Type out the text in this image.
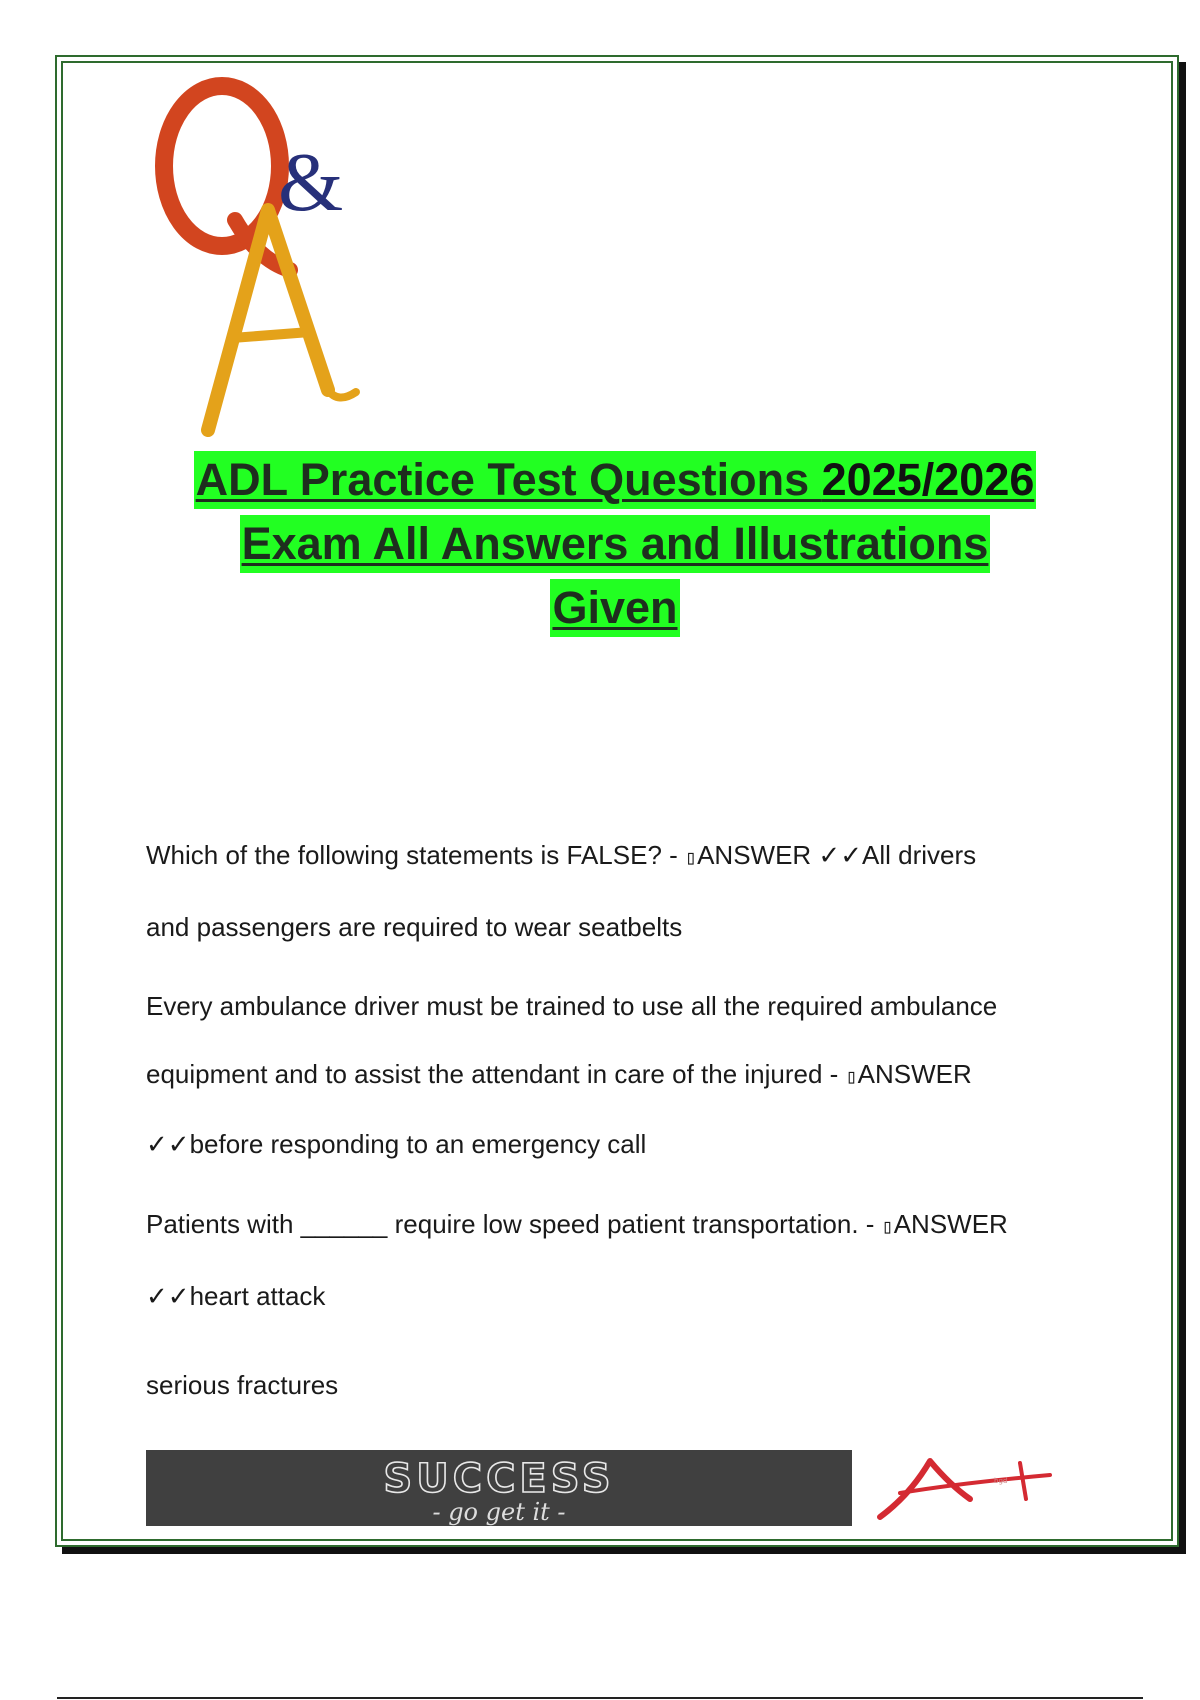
&
ADL Practice Test Questions 2025/2026
Exam All Answers and Illustrations
Given

Which of the following statements is FALSE? - ▯ANSWER ✓✓All drivers
and passengers are required to wear seatbelts

Every ambulance driver must be trained to use all the required ambulance
equipment and to assist the attendant in care of the injured - ▯ANSWER
✓✓before responding to an emergency call

Patients with ______ require low speed patient transportation. - ▯ANSWER
✓✓heart attack

serious fractures

SUCCESS
- go get it -
bgd
A+
